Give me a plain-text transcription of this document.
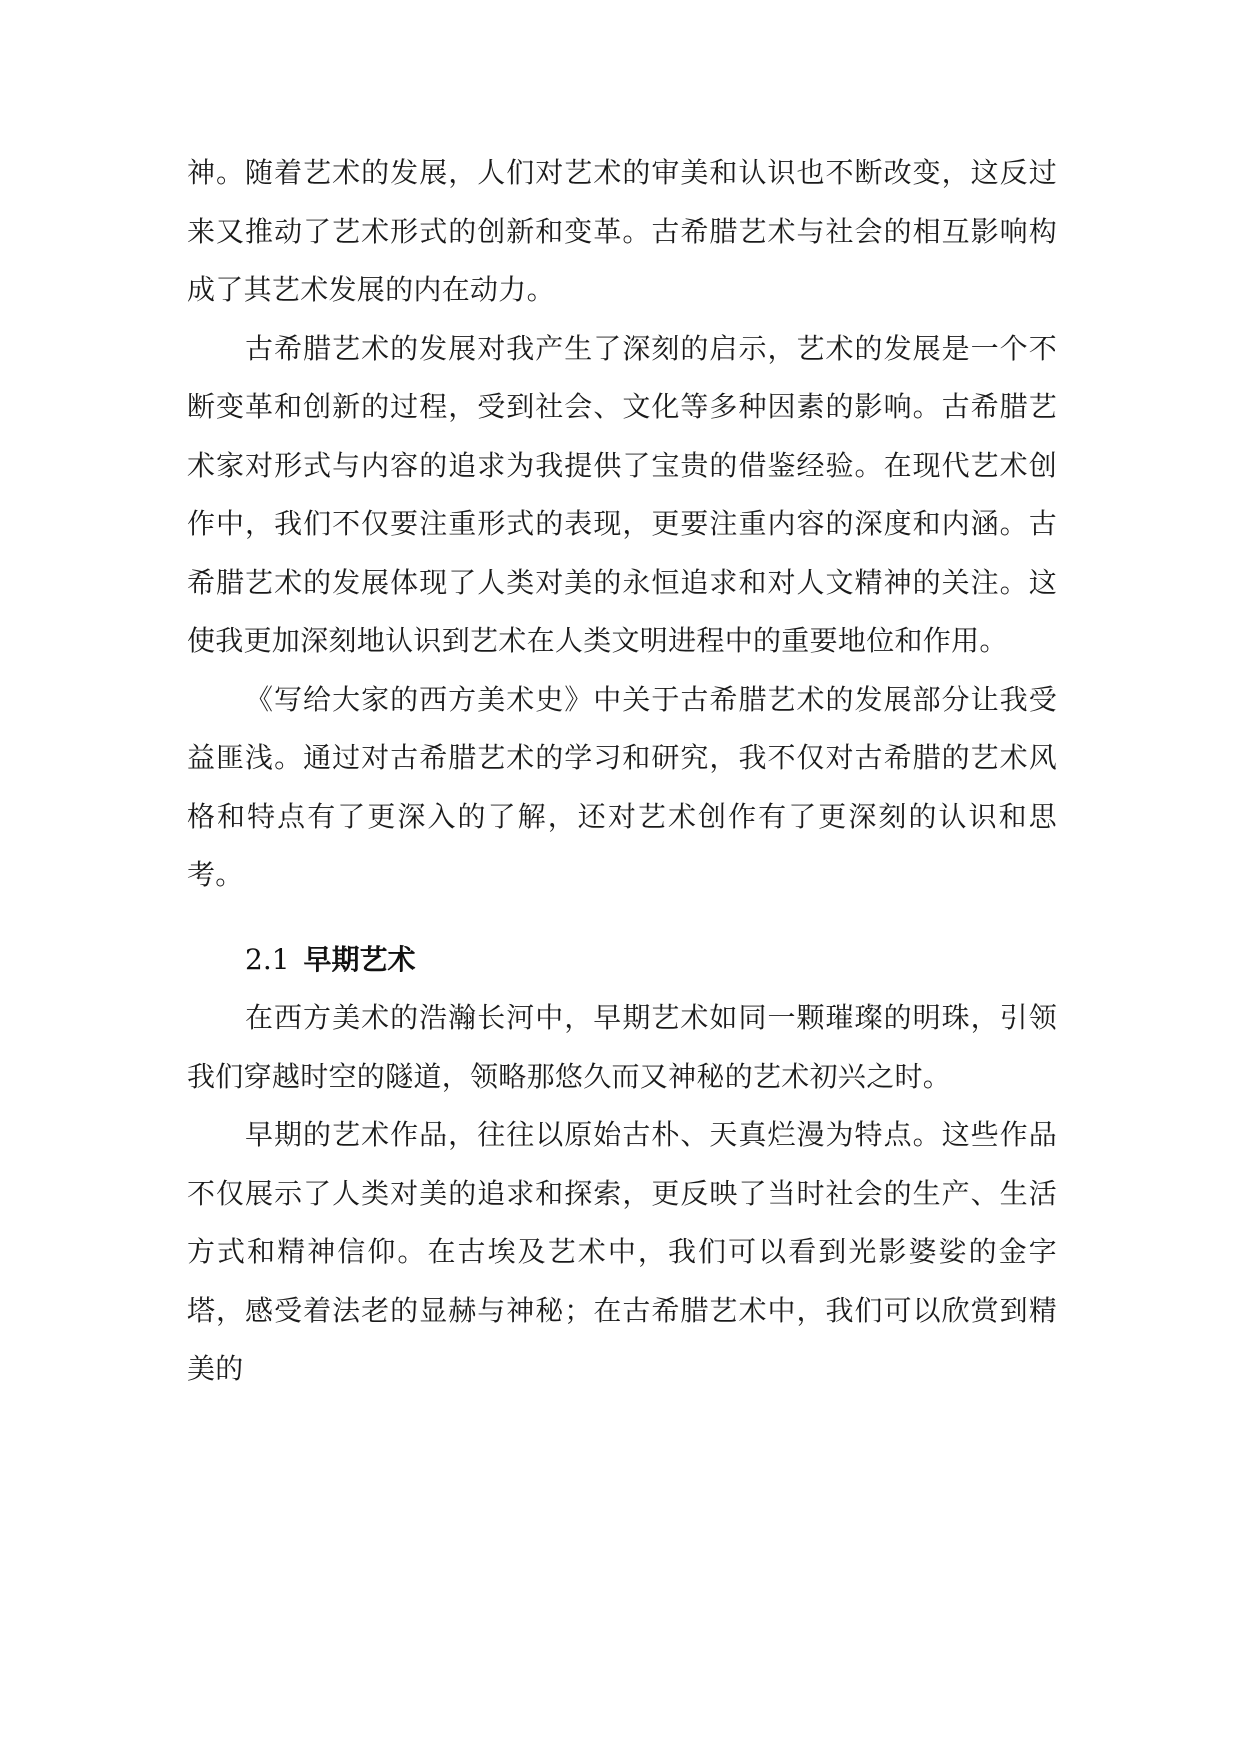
神。随着艺术的发展，人们对艺术的审美和认识也不断改变，这反过来又推动了艺术形式的创新和变革。古希腊艺术与社会的相互影响构成了其艺术发展的内在动力。

古希腊艺术的发展对我产生了深刻的启示，艺术的发展是一个不断变革和创新的过程，受到社会、文化等多种因素的影响。古希腊艺术家对形式与内容的追求为我提供了宝贵的借鉴经验。在现代艺术创作中，我们不仅要注重形式的表现，更要注重内容的深度和内涵。古希腊艺术的发展体现了人类对美的永恒追求和对人文精神的关注。这使我更加深刻地认识到艺术在人类文明进程中的重要地位和作用。

《写给大家的西方美术史》中关于古希腊艺术的发展部分让我受益匪浅。通过对古希腊艺术的学习和研究，我不仅对古希腊的艺术风格和特点有了更深入的了解，还对艺术创作有了更深刻的认识和思考。

2.1 早期艺术

在西方美术的浩瀚长河中，早期艺术如同一颗璀璨的明珠，引领我们穿越时空的隧道，领略那悠久而又神秘的艺术初兴之时。

早期的艺术作品，往往以原始古朴、天真烂漫为特点。这些作品不仅展示了人类对美的追求和探索，更反映了当时社会的生产、生活方式和精神信仰。在古埃及艺术中，我们可以看到光影婆娑的金字塔，感受着法老的显赫与神秘；在古希腊艺术中，我们可以欣赏到精美的
